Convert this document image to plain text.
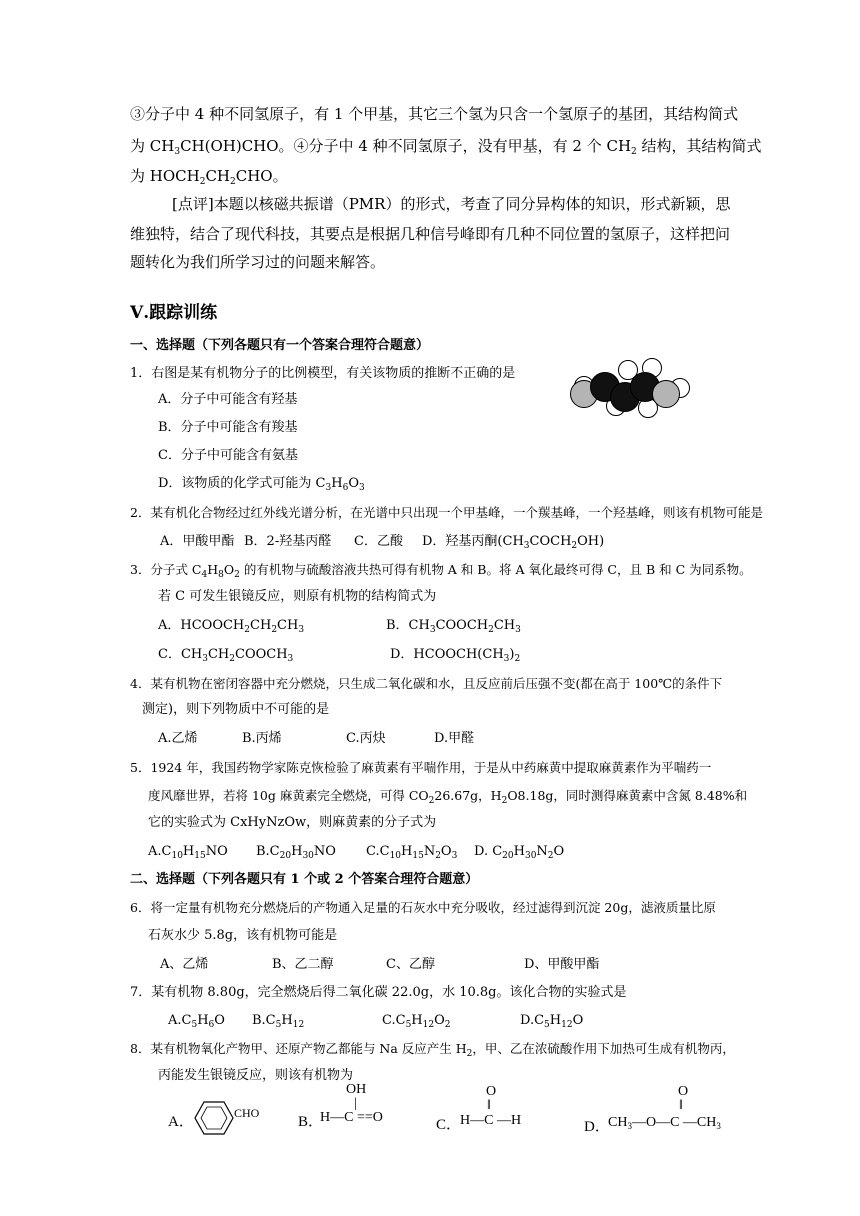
③分子中 4 种不同氢原子，有 1 个甲基，其它三个氢为只含一个氢原子的基团，其结构简式
为 $CH_3CH(OH)CHO$。④分子中 4 种不同氢原子，没有甲基，有 2 个 $CH_2$ 结构，其结构简式
为 $HOCH_2CH_2CHO$。
[点评]本题以核磁共振谱（PMR）的形式，考查了同分异构体的知识，形式新颖，思
维独特，结合了现代科技，其要点是根据几种信号峰即有几种不同位置的氢原子，这样把问
题转化为我们所学习过的问题来解答。
Ⅴ.跟踪训练
一、选择题（下列各题只有一个答案合理符合题意）
1．右图是某有机物分子的比例模型，有关该物质的推断不正确的是
A．分子中可能含有羟基
B．分子中可能含有羧基
C．分子中可能含有氨基
D．该物质的化学式可能为 $C_3H_6O_3$
2．某有机化合物经过红外线光谱分析，在光谱中只出现一个甲基峰，一个羰基峰，一个羟基峰，则该有机物可能是
A．甲酸甲酯 B．2-羟基丙醛 C．乙酸 D．羟基丙酮$(CH_3COCH_2OH)$
3．分子式 $C_4H_8O_2$ 的有机物与硫酸溶液共热可得有机物 A 和 B。将 A 氧化最终可得 C，且 B 和 C 为同系物。
若 C 可发生银镜反应，则原有机物的结构简式为
A．$HCOOCH_2CH_2CH_3$	B．$CH_3COOCH_2CH_3$
C．$CH_3CH_2COOCH_3$	D．$HCOOCH(CH_3)_2$
4．某有机物在密闭容器中充分燃烧，只生成二氧化碳和水，且反应前后压强不变(都在高于 100℃的条件下
测定)，则下列物质中不可能的是
A.乙烯	B.丙烯	C.丙炔	D.甲醛
5．1924 年，我国药物学家陈克恢检验了麻黄素有平喘作用，于是从中药麻黄中提取麻黄素作为平喘药一
度风靡世界，若将 10g 麻黄素完全燃烧，可得 $CO_226.67g$，$H_2O8.18g$，同时测得麻黄素中含氮 8.48%和
它的实验式为 CxHyNzOw，则麻黄素的分子式为
$A.C_{10}H_{15}NO$ $B.C_{20}H_{30}NO$ $C.C_{10}H_{15}N_2O_3$ D. $C_{20}H_{30}N_2O$
二、选择题（下列各题只有 1 个或 2 个答案合理符合题意）
6．将一定量有机物充分燃烧后的产物通入足量的石灰水中充分吸收，经过滤得到沉淀 20g，滤液质量比原
石灰水少 5.8g，该有机物可能是
A、乙烯	B、乙二醇	C、乙醇	D、甲酸甲酯
7．某有机物 8.80g，完全燃烧后得二氧化碳 22.0g，水 10.8g。该化合物的实验式是
$A.C_5H_6O$ $B.C_5H_{12}$	$C.C_5H_{12}O_2$	$D.C_5H_{12}O$
8．某有机物氧化产物甲、还原产物乙都能与 Na 反应产生 $H_2$，甲、乙在浓硫酸作用下加热可生成有机物丙，
丙能发生银镜反应，则该有机物为
A．
CHO
OH
|
B．
H—C ==O
O
‖
C．
H—C —H
O
‖
D．
$CH_3—O—C$ $—CH_3$
